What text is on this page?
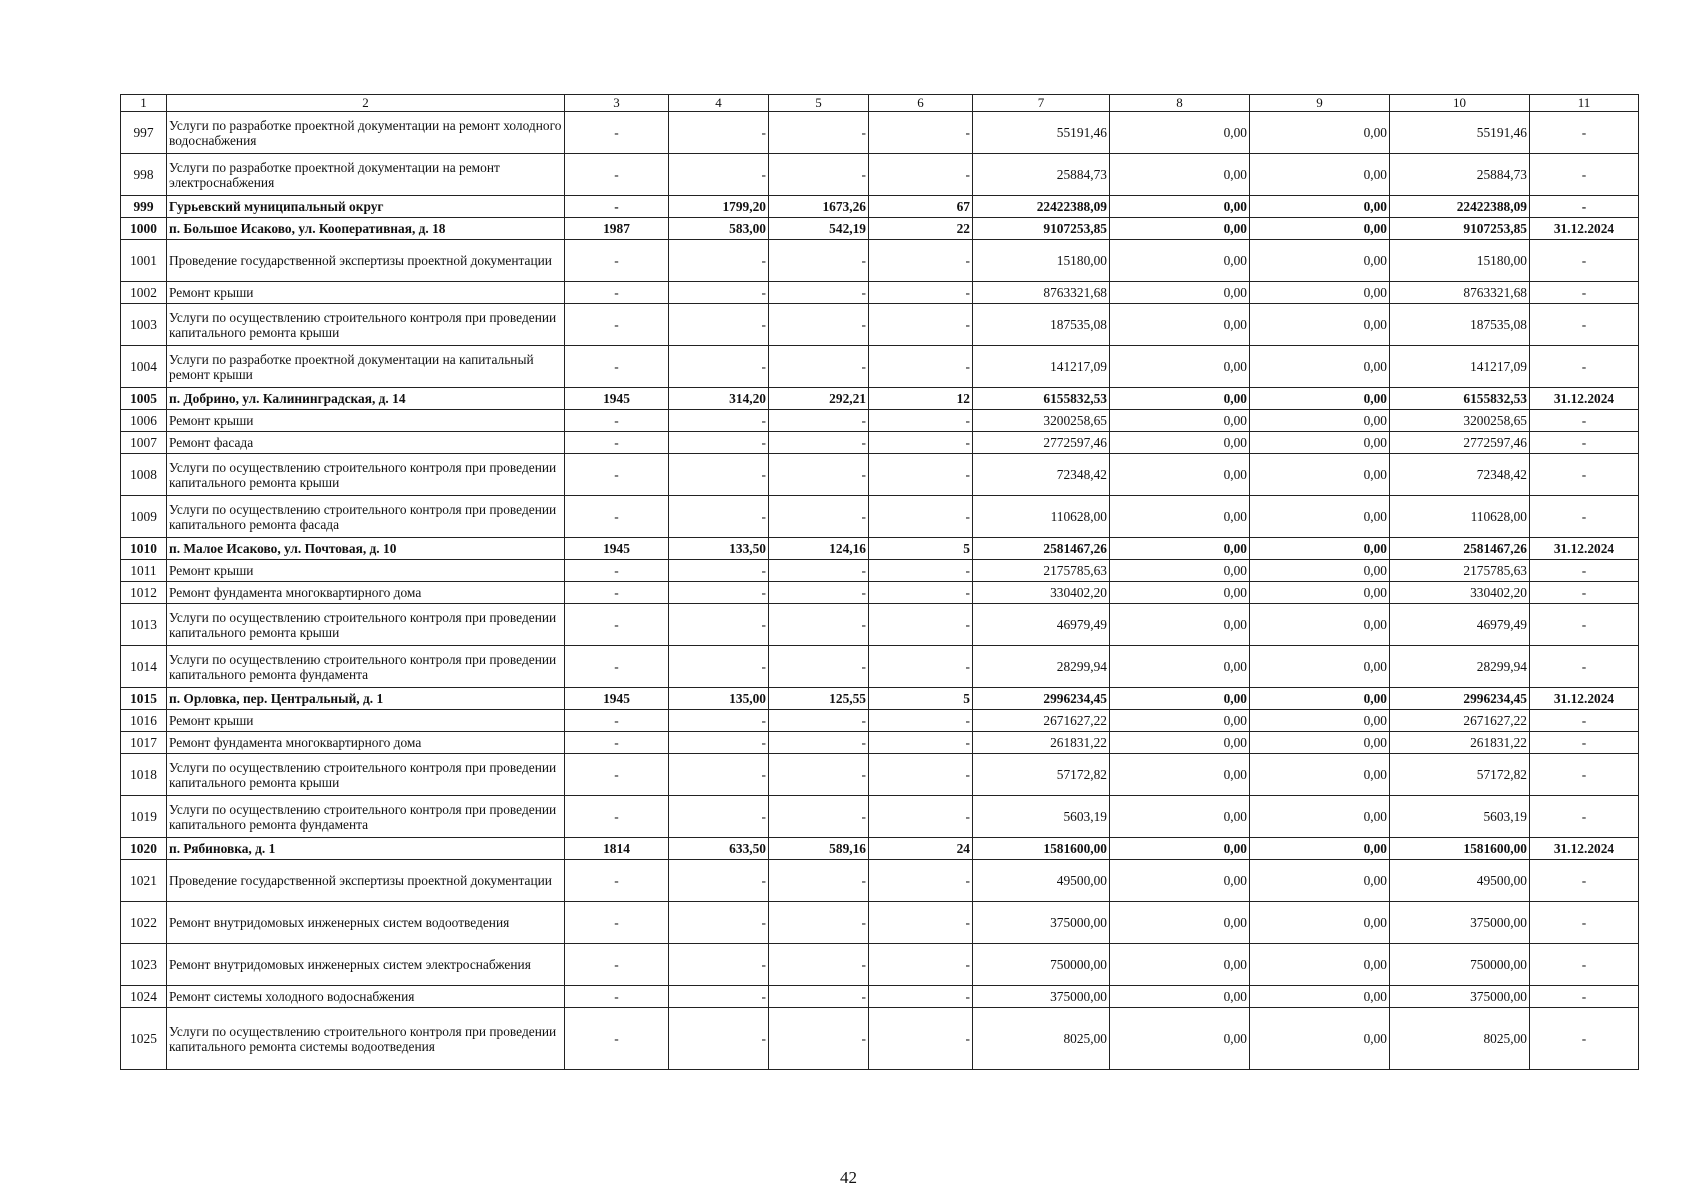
1	2	3	4	5	6	7	8	9	10	11
997	Услуги по разработке проектной документации на ремонт холодного водоснабжения	-	-	-	-	55191,46	0,00	0,00	55191,46	-
998	Услуги по разработке проектной документации на ремонт электроснабжения	-	-	-	-	25884,73	0,00	0,00	25884,73	-
999	Гурьевский муниципальный округ	-	1799,20	1673,26	67	22422388,09	0,00	0,00	22422388,09	-
1000	п. Большое Исаково, ул. Кооперативная, д. 18	1987	583,00	542,19	22	9107253,85	0,00	0,00	9107253,85	31.12.2024
1001	Проведение государственной экспертизы проектной документации	-	-	-	-	15180,00	0,00	0,00	15180,00	-
1002	Ремонт крыши	-	-	-	-	8763321,68	0,00	0,00	8763321,68	-
1003	Услуги по осуществлению строительного контроля при проведении капитального ремонта крыши	-	-	-	-	187535,08	0,00	0,00	187535,08	-
1004	Услуги по разработке проектной документации на капитальный ремонт крыши	-	-	-	-	141217,09	0,00	0,00	141217,09	-
1005	п. Добрино, ул. Калининградская, д. 14	1945	314,20	292,21	12	6155832,53	0,00	0,00	6155832,53	31.12.2024
1006	Ремонт крыши	-	-	-	-	3200258,65	0,00	0,00	3200258,65	-
1007	Ремонт фасада	-	-	-	-	2772597,46	0,00	0,00	2772597,46	-
1008	Услуги по осуществлению строительного контроля при проведении капитального ремонта крыши	-	-	-	-	72348,42	0,00	0,00	72348,42	-
1009	Услуги по осуществлению строительного контроля при проведении капитального ремонта фасада	-	-	-	-	110628,00	0,00	0,00	110628,00	-
1010	п. Малое Исаково, ул. Почтовая, д. 10	1945	133,50	124,16	5	2581467,26	0,00	0,00	2581467,26	31.12.2024
1011	Ремонт крыши	-	-	-	-	2175785,63	0,00	0,00	2175785,63	-
1012	Ремонт фундамента многоквартирного дома	-	-	-	-	330402,20	0,00	0,00	330402,20	-
1013	Услуги по осуществлению строительного контроля при проведении капитального ремонта крыши	-	-	-	-	46979,49	0,00	0,00	46979,49	-
1014	Услуги по осуществлению строительного контроля при проведении капитального ремонта фундамента	-	-	-	-	28299,94	0,00	0,00	28299,94	-
1015	п. Орловка, пер. Центральный, д. 1	1945	135,00	125,55	5	2996234,45	0,00	0,00	2996234,45	31.12.2024
1016	Ремонт крыши	-	-	-	-	2671627,22	0,00	0,00	2671627,22	-
1017	Ремонт фундамента многоквартирного дома	-	-	-	-	261831,22	0,00	0,00	261831,22	-
1018	Услуги по осуществлению строительного контроля при проведении капитального ремонта крыши	-	-	-	-	57172,82	0,00	0,00	57172,82	-
1019	Услуги по осуществлению строительного контроля при проведении капитального ремонта фундамента	-	-	-	-	5603,19	0,00	0,00	5603,19	-
1020	п. Рябиновка, д. 1	1814	633,50	589,16	24	1581600,00	0,00	0,00	1581600,00	31.12.2024
1021	Проведение государственной экспертизы проектной документации	-	-	-	-	49500,00	0,00	0,00	49500,00	-
1022	Ремонт внутридомовых инженерных систем водоотведения	-	-	-	-	375000,00	0,00	0,00	375000,00	-
1023	Ремонт внутридомовых инженерных систем электроснабжения	-	-	-	-	750000,00	0,00	0,00	750000,00	-
1024	Ремонт системы холодного водоснабжения	-	-	-	-	375000,00	0,00	0,00	375000,00	-
1025	Услуги по осуществлению строительного контроля при проведении капитального ремонта системы водоотведения	-	-	-	-	8025,00	0,00	0,00	8025,00	-
42
